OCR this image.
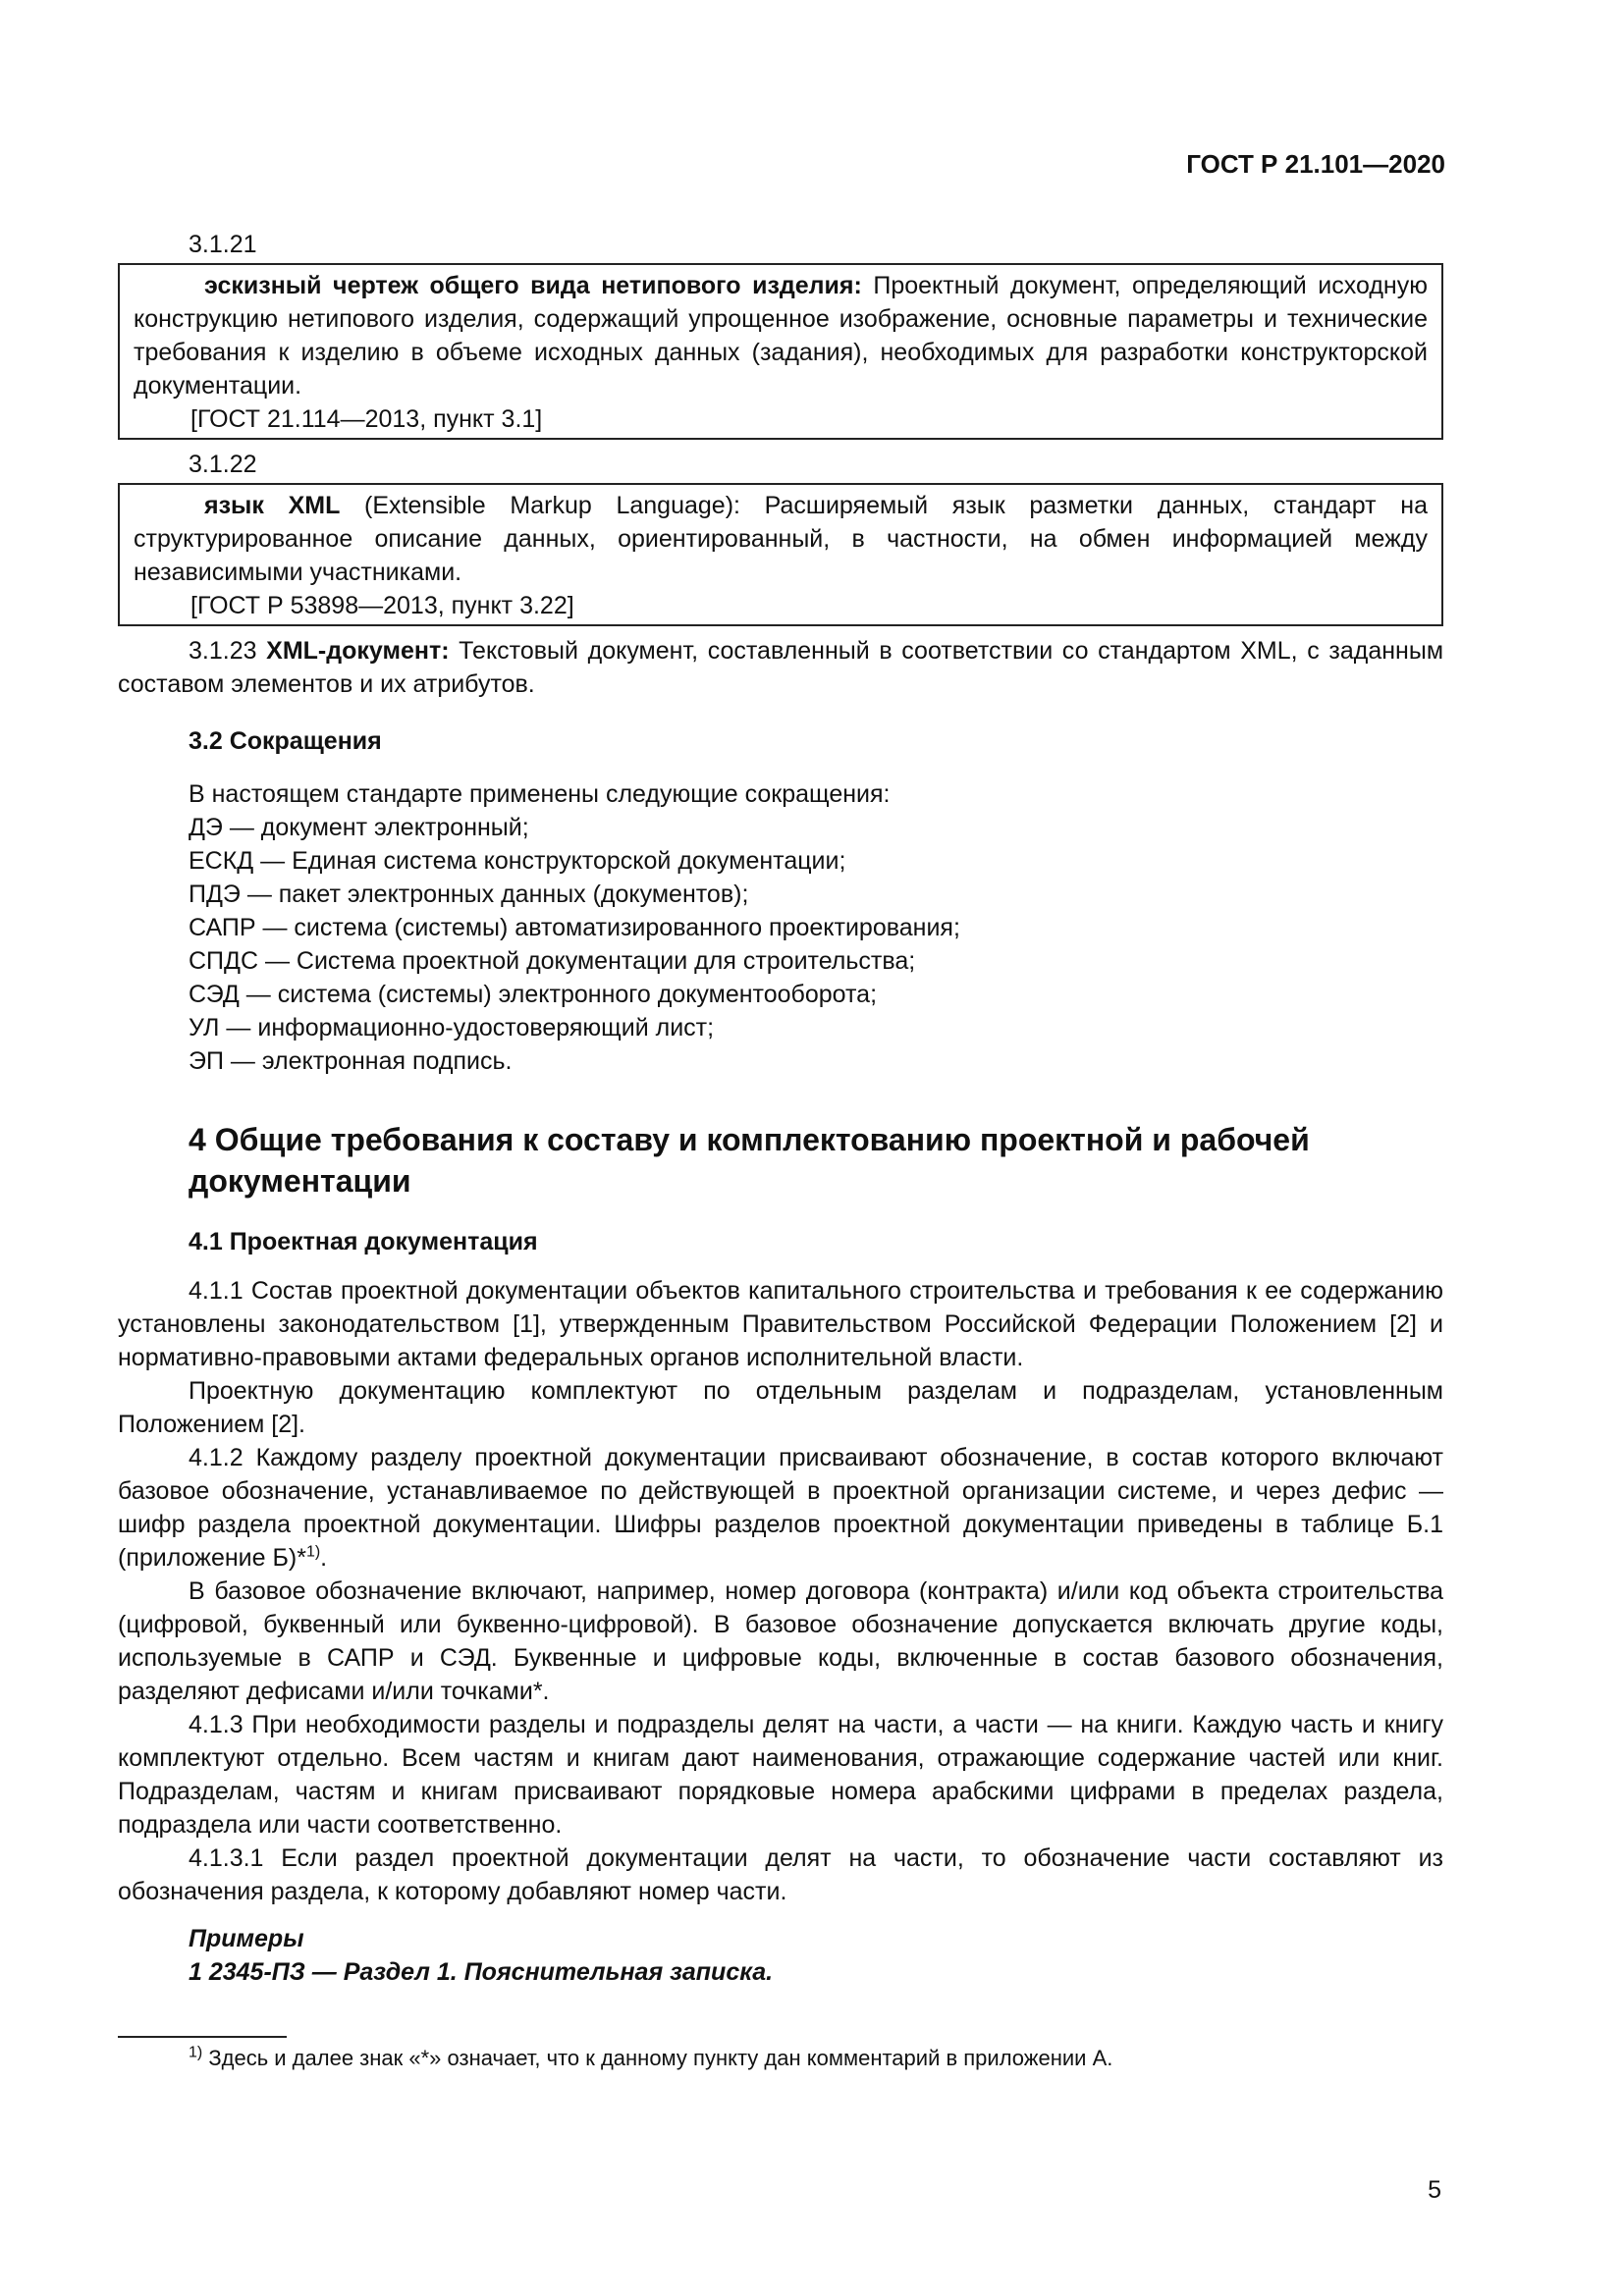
ГОСТ Р 21.101—2020
3.1.21

эскизный чертеж общего вида нетипового изделия: Проектный документ, определяющий исходную конструкцию нетипового изделия, содержащий упрощенное изображение, основные параметры и технические требования к изделию в объеме исходных данных (задания), необходимых для разработки конструкторской документации.

[ГОСТ 21.114—2013, пункт 3.1]

3.1.22

язык XML (Extensible Markup Language): Расширяемый язык разметки данных, стандарт на структурированное описание данных, ориентированный, в частности, на обмен информацией между независимыми участниками.

[ГОСТ Р 53898—2013, пункт 3.22]

3.1.23 XML-документ: Текстовый документ, составленный в соответствии со стандартом XML, с заданным составом элементов и их атрибутов.

3.2 Сокращения

В настоящем стандарте применены следующие сокращения:

ДЭ — документ электронный;

ЕСКД — Единая система конструкторской документации;

ПДЭ — пакет электронных данных (документов);

САПР — система (системы) автоматизированного проектирования;

СПДС — Система проектной документации для строительства;

СЭД — система (системы) электронного документооборота;

УЛ — информационно-удостоверяющий лист;

ЭП — электронная подпись.

4 Общие требования к составу и комплектованию проектной и рабочей документации
4.1 Проектная документация

4.1.1 Состав проектной документации объектов капитального строительства и требования к ее содержанию установлены законодательством [1], утвержденным Правительством Российской Федерации Положением [2] и нормативно-правовыми актами федеральных органов исполнительной власти.

Проектную документацию комплектуют по отдельным разделам и подразделам, установленным Положением [2].

4.1.2 Каждому разделу проектной документации присваивают обозначение, в состав которого включают базовое обозначение, устанавливаемое по действующей в проектной организации системе, и через дефис — шифр раздела проектной документации. Шифры разделов проектной документации приведены в таблице Б.1 (приложение Б)*$^{1)}$.

В базовое обозначение включают, например, номер договора (контракта) и/или код объекта строительства (цифровой, буквенный или буквенно-цифровой). В базовое обозначение допускается включать другие коды, используемые в САПР и СЭД. Буквенные и цифровые коды, включенные в состав базового обозначения, разделяют дефисами и/или точками*.

4.1.3 При необходимости разделы и подразделы делят на части, а части — на книги. Каждую часть и книгу комплектуют отдельно. Всем частям и книгам дают наименования, отражающие содержание частей или книг. Подразделам, частям и книгам присваивают порядковые номера арабскими цифрами в пределах раздела, подраздела или части соответственно.

4.1.3.1 Если раздел проектной документации делят на части, то обозначение части составляют из обозначения раздела, к которому добавляют номер части.

Примеры
1 2345-ПЗ — Раздел 1. Пояснительная записка.
$^{1)}$ Здесь и далее знак «*» означает, что к данному пункту дан комментарий в приложении А.
5
